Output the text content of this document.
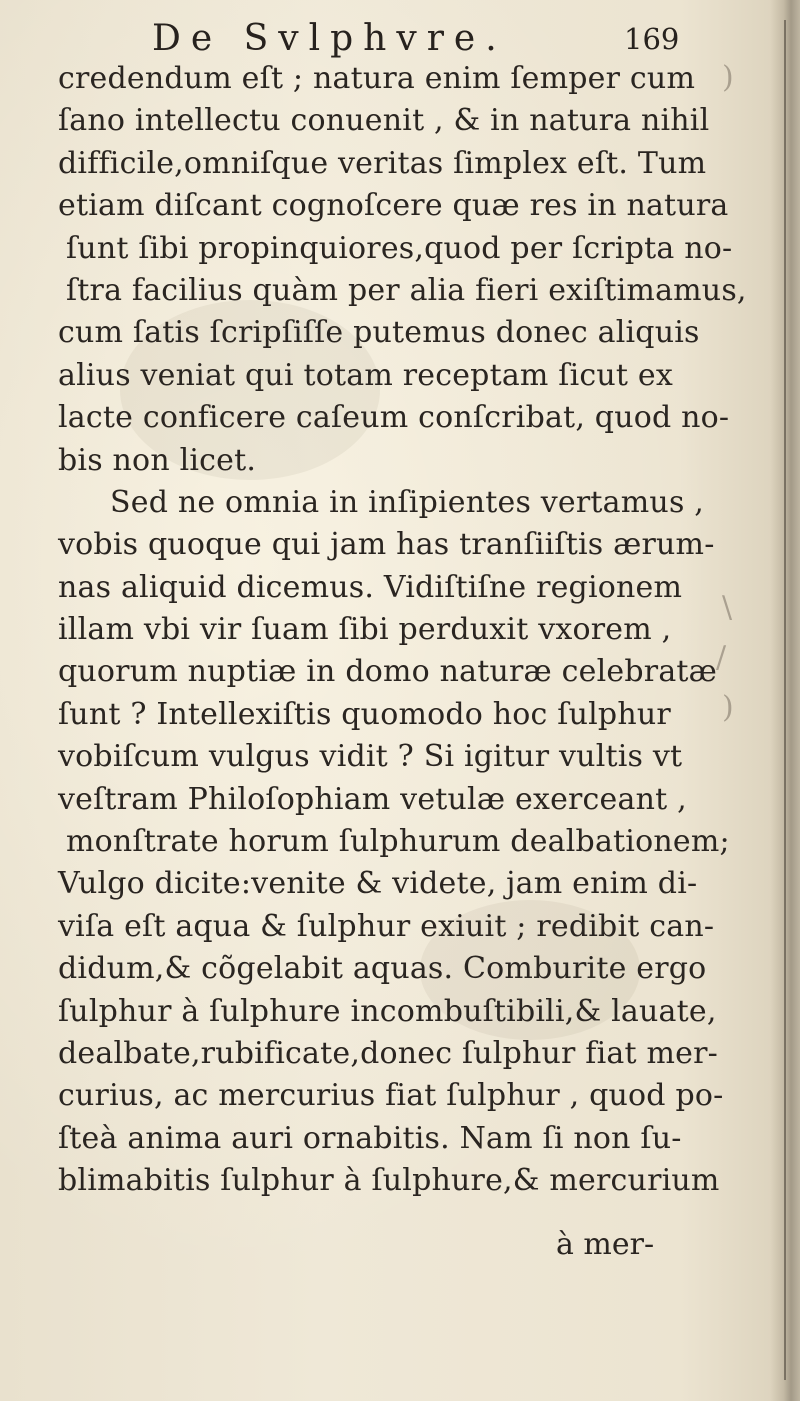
De Svlphvre.	169
credendum eſt ; natura enim ſemper cum
ſano intellectu conuenit , & in natura nihil
difficile,omniſque veritas ſimplex eſt. Tum
etiam diſcant cognoſcere quæ res in natura
ſunt ſibi propinquiores,quod per ſcripta no-
ſtra facilius quàm per alia fieri exiſtimamus,
cum ſatis ſcripſiſſe putemus donec aliquis
alius veniat qui totam receptam ſicut ex
lacte conficere caſeum conſcribat, quod no-
bis non licet.
Sed ne omnia in inſipientes vertamus ,
vobis quoque qui jam has tranſiiſtis ærum-
nas aliquid dicemus. Vidiſtiſne regionem
illam vbi vir ſuam ſibi perduxit vxorem ,
quorum nuptiæ in domo naturæ celebratæ
ſunt ? Intellexiſtis quomodo hoc ſulphur
vobiſcum vulgus vidit ? Si igitur vultis vt
veſtram Philoſophiam vetulæ exerceant ,
monſtrate horum ſulphurum dealbationem;
Vulgo dicite:venite & videte, jam enim di-
viſa eſt aqua & ſulphur exiuit ; redibit can-
didum,& cõgelabit aquas. Comburite ergo
ſulphur à ſulphure incombuſtibili,& lauate,
dealbate,rubificate,donec ſulphur fiat mer-
curius, ac mercurius fiat ſulphur , quod po-
ſteà anima auri ornabitis. Nam ſi non ſu-
blimabitis ſulphur à ſulphure,& mercurium
à mer-
)
\
/
)
